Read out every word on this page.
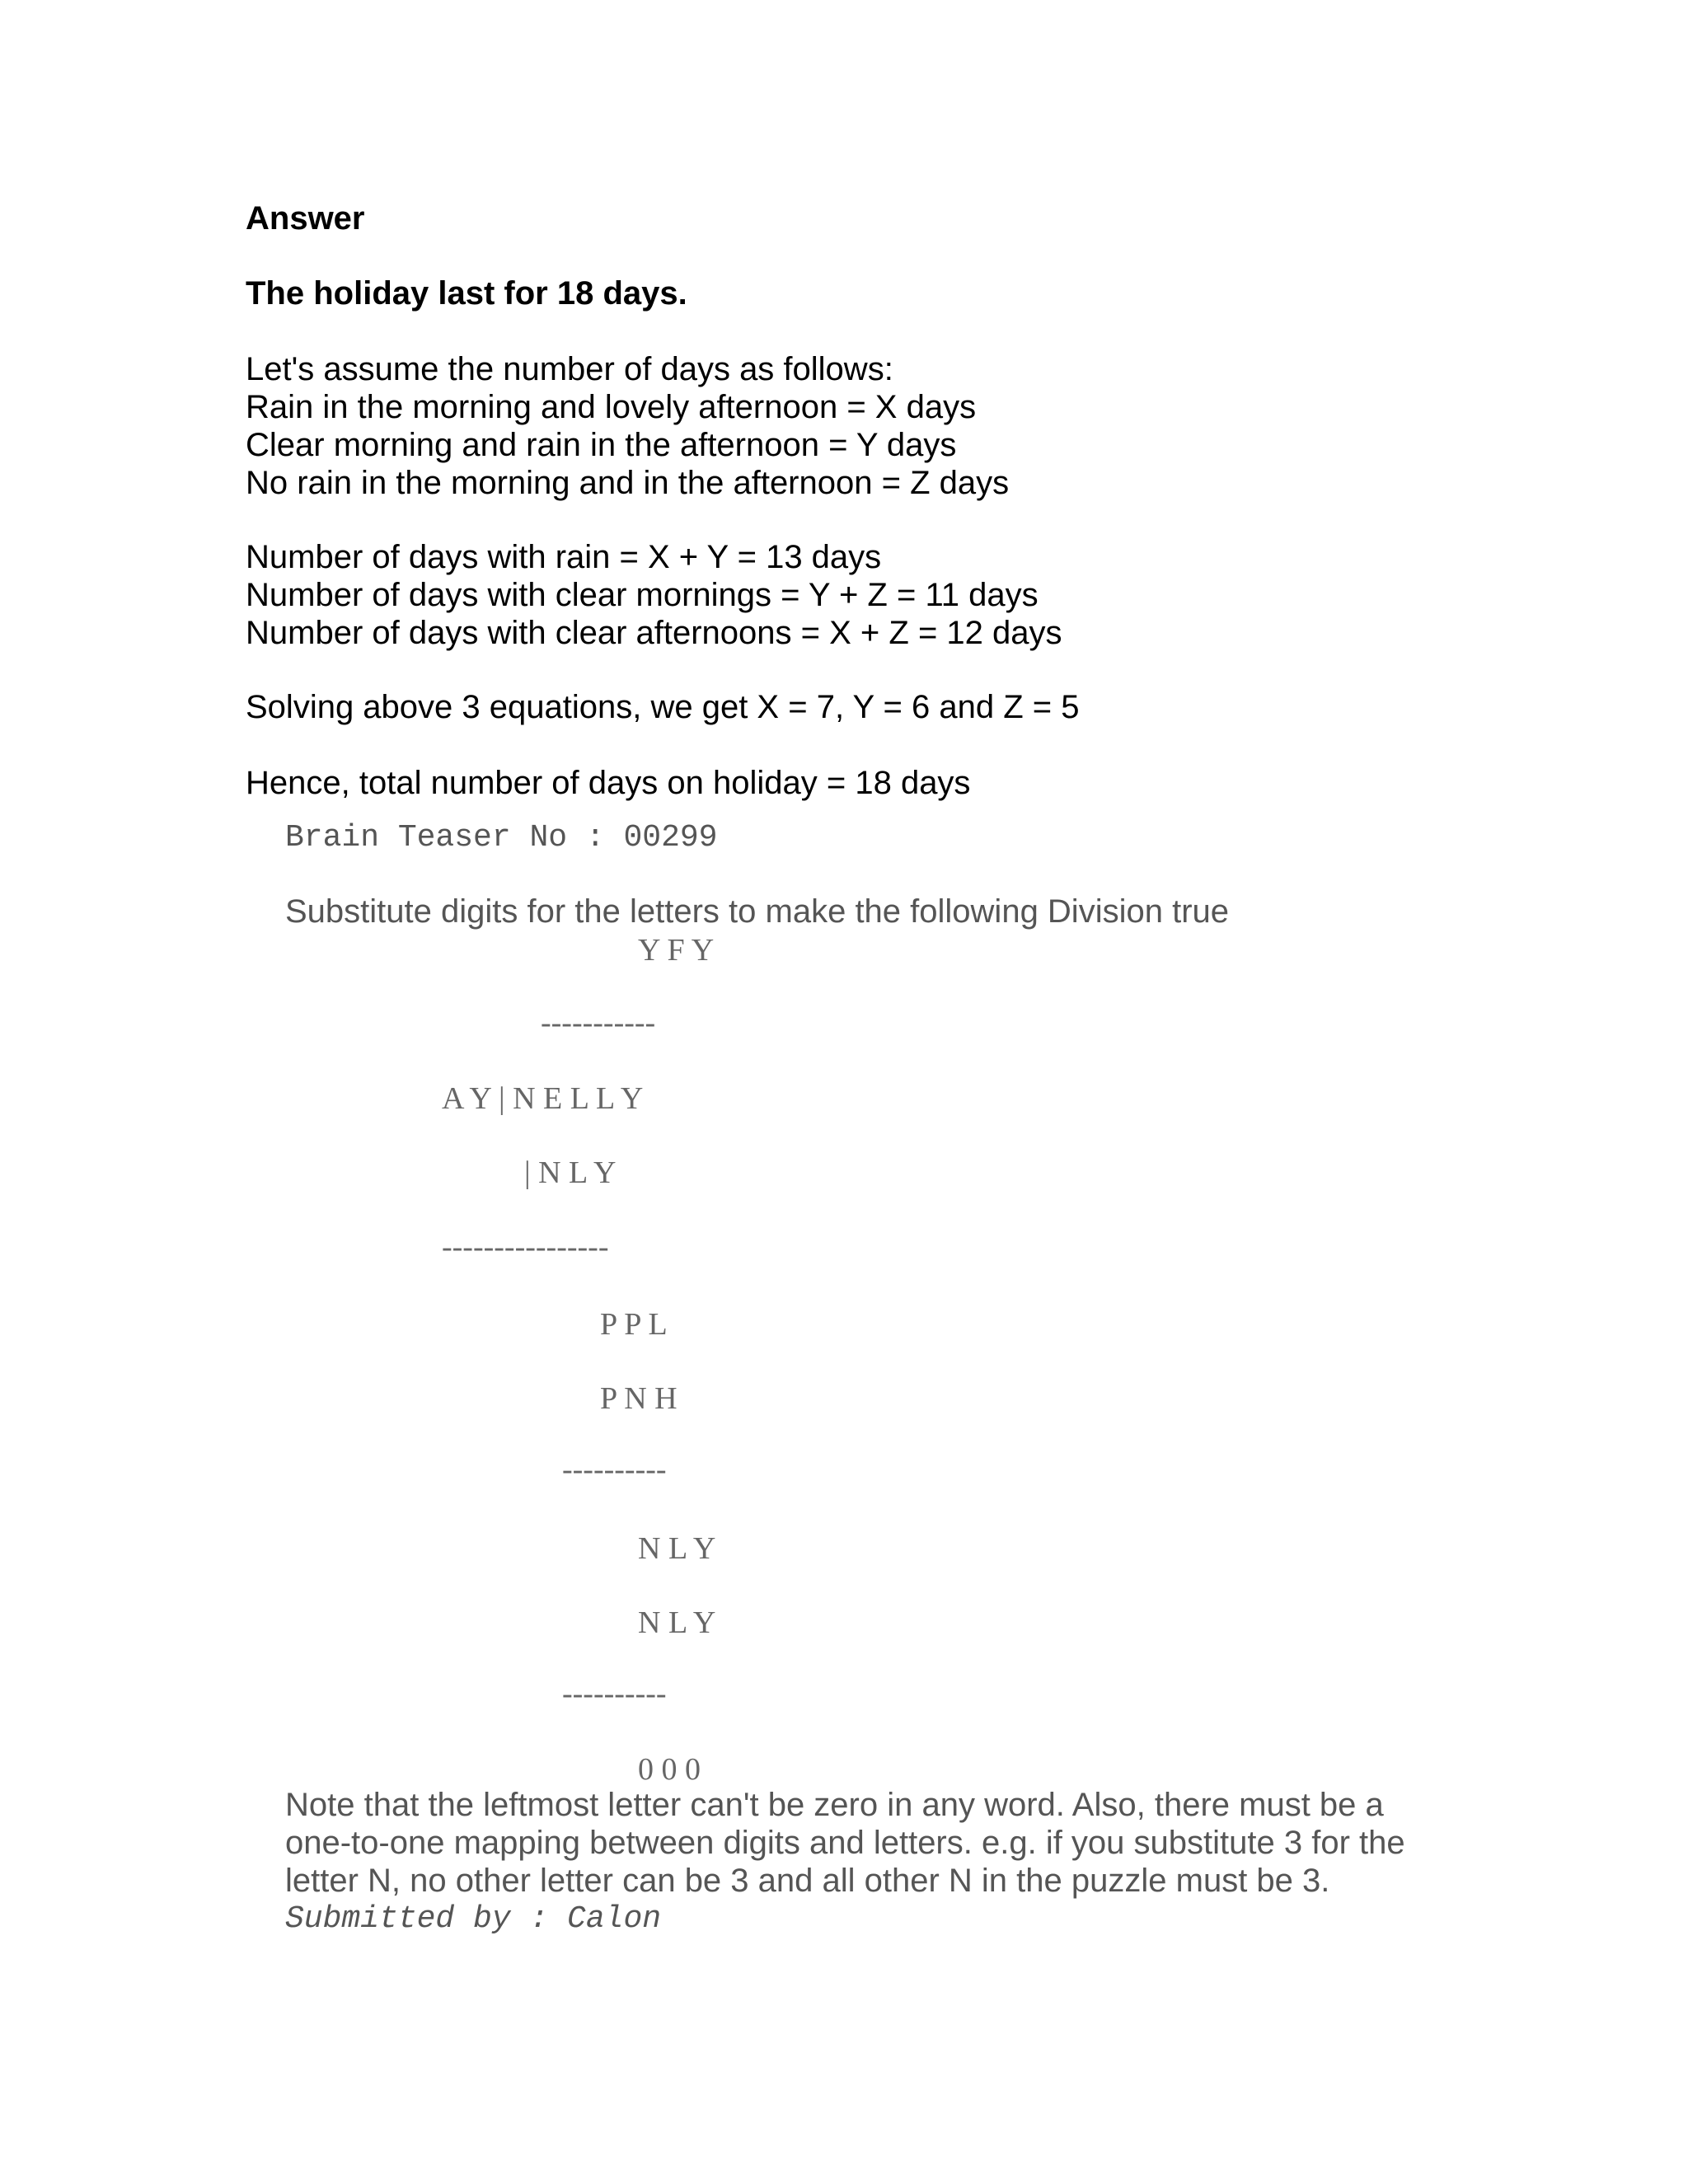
Answer
The holiday last for 18 days.
Let's assume the number of days as follows:
Rain in the morning and lovely afternoon = X days
Clear morning and rain in the afternoon = Y days
No rain in the morning and in the afternoon = Z days
Number of days with rain = X + Y = 13 days
Number of days with clear mornings = Y + Z = 11 days
Number of days with clear afternoons = X + Z = 12 days
Solving above 3 equations, we get X = 7, Y = 6 and Z = 5
Hence, total number of days on holiday = 18 days
Brain Teaser No : 00299
Substitute digits for the letters to make the following Division true
Y F Y
-----------
A Y | N E L L Y
| N L Y
----------------
P P L
P N H
----------
N L Y
N L Y
----------
0 0 0
Note that the leftmost letter can't be zero in any word. Also, there must be a
one-to-one mapping between digits and letters. e.g. if you substitute 3 for the
letter N, no other letter can be 3 and all other N in the puzzle must be 3.
Submitted by : Calon
